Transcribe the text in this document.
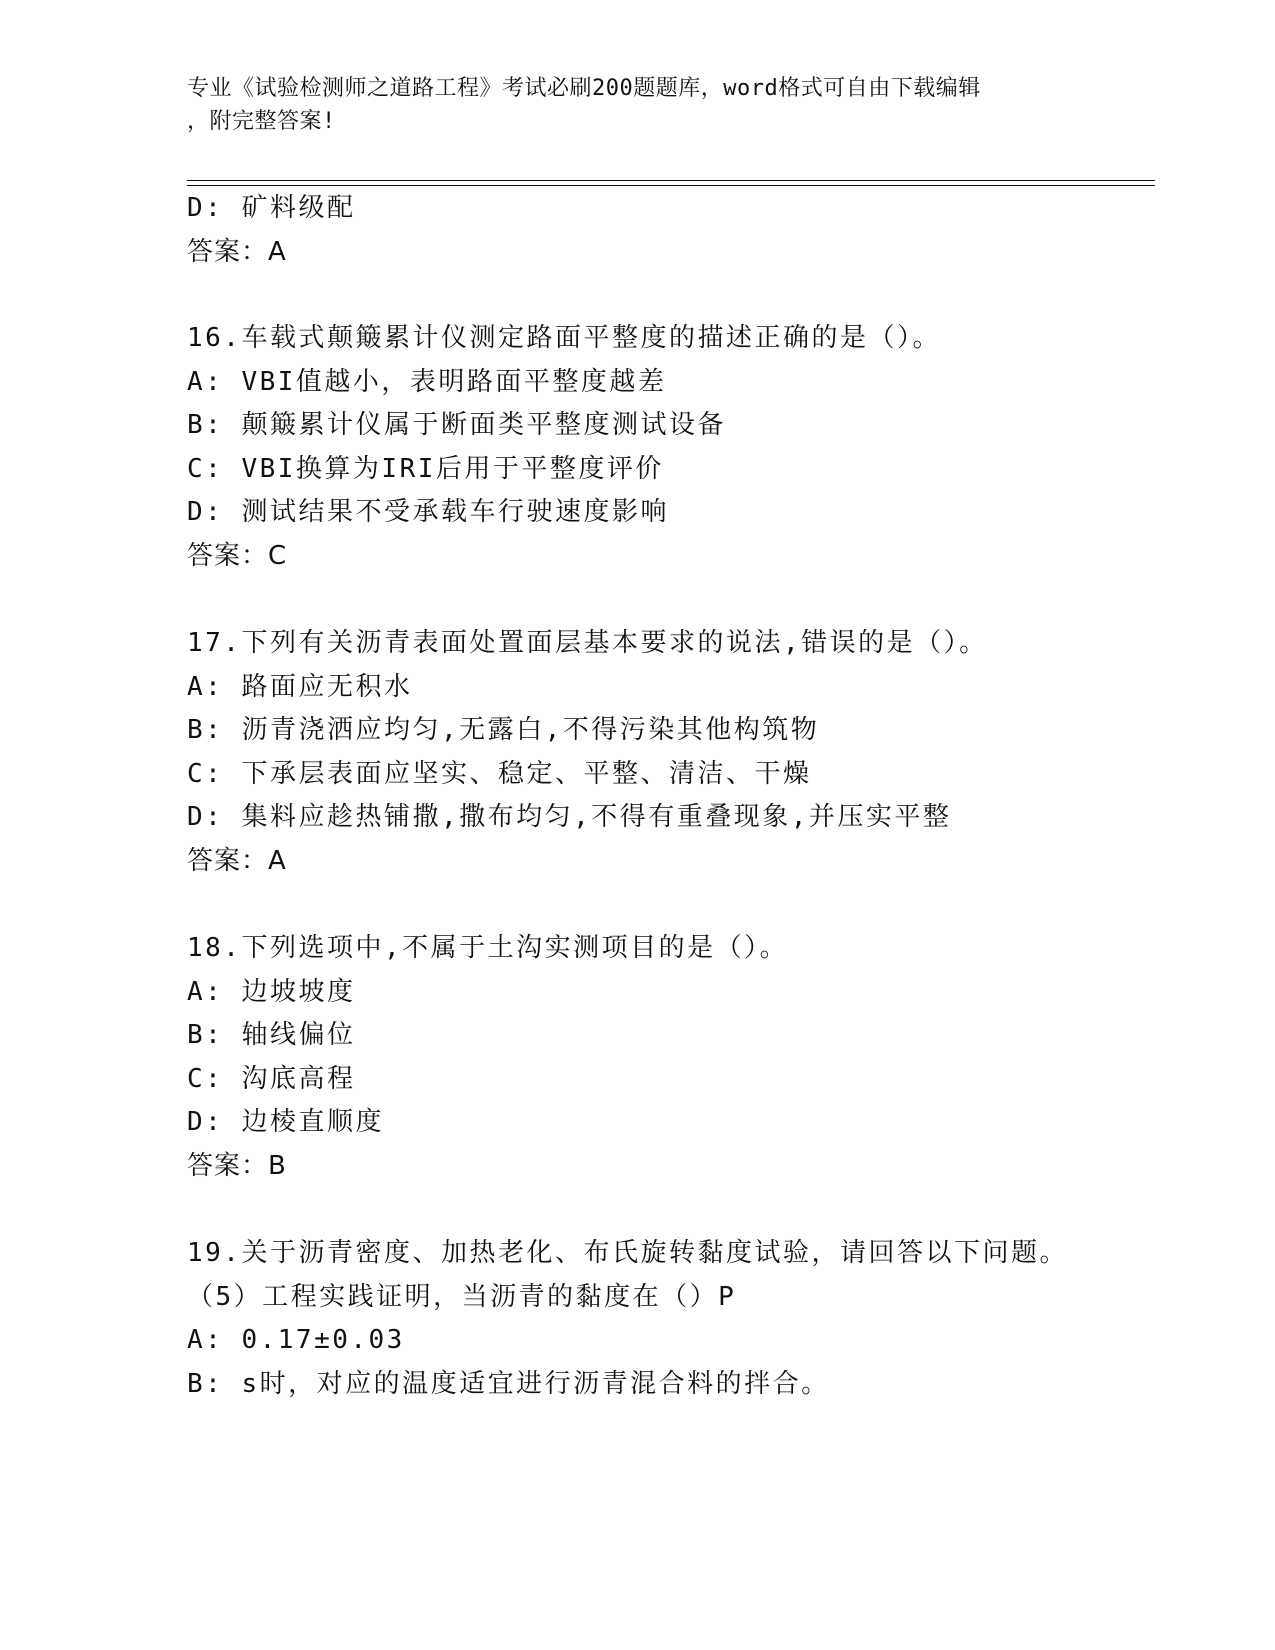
专业《试验检测师之道路工程》考试必刷200题题库，word格式可自由下载编辑
，附完整答案!
D: 矿料级配
答案：A
16.车载式颠簸累计仪测定路面平整度的描述正确的是（）。
A: VBI值越小，表明路面平整度越差
B: 颠簸累计仪属于断面类平整度测试设备
C: VBI换算为IRI后用于平整度评价
D: 测试结果不受承载车行驶速度影响
答案：C
17.下列有关沥青表面处置面层基本要求的说法,错误的是（）。
A: 路面应无积水
B: 沥青浇洒应均匀,无露白,不得污染其他构筑物
C: 下承层表面应坚实、稳定、平整、清洁、干燥
D: 集料应趁热铺撒,撒布均匀,不得有重叠现象,并压实平整
答案：A
18.下列选项中,不属于土沟实测项目的是（）。
A: 边坡坡度
B: 轴线偏位
C: 沟底高程
D: 边棱直顺度
答案：B
19.关于沥青密度、加热老化、布氏旋转黏度试验，请回答以下问题。
（5）工程实践证明，当沥青的黏度在（）P
A: 0.17±0.03
B: s时，对应的温度适宜进行沥青混合料的拌合。
